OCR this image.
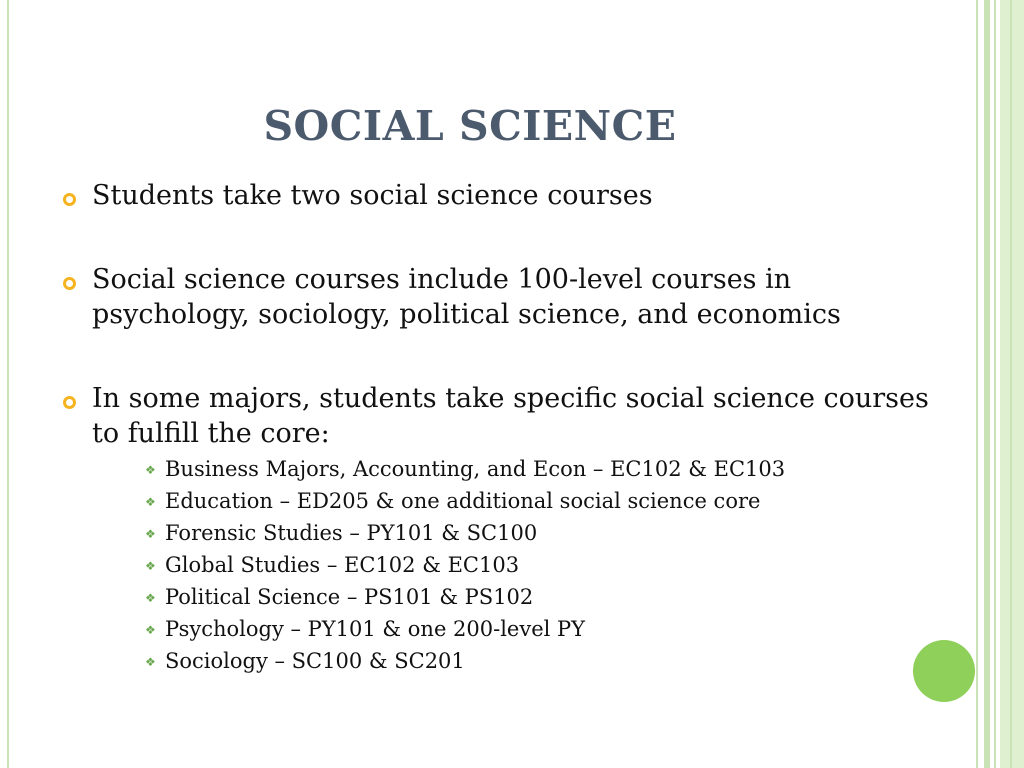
SOCIAL SCIENCE
Students take two social science courses
Social science courses include 100-level courses in psychology, sociology, political science, and economics
In some majors, students take specific social science courses to fulfill the core:
❖ Business Majors, Accounting, and Econ – EC102 & EC103
❖ Education – ED205 & one additional social science core
❖ Forensic Studies – PY101 & SC100
❖ Global Studies – EC102 & EC103
❖ Political Science – PS101 & PS102
❖ Psychology – PY101 & one 200-level PY
❖ Sociology – SC100 & SC201
